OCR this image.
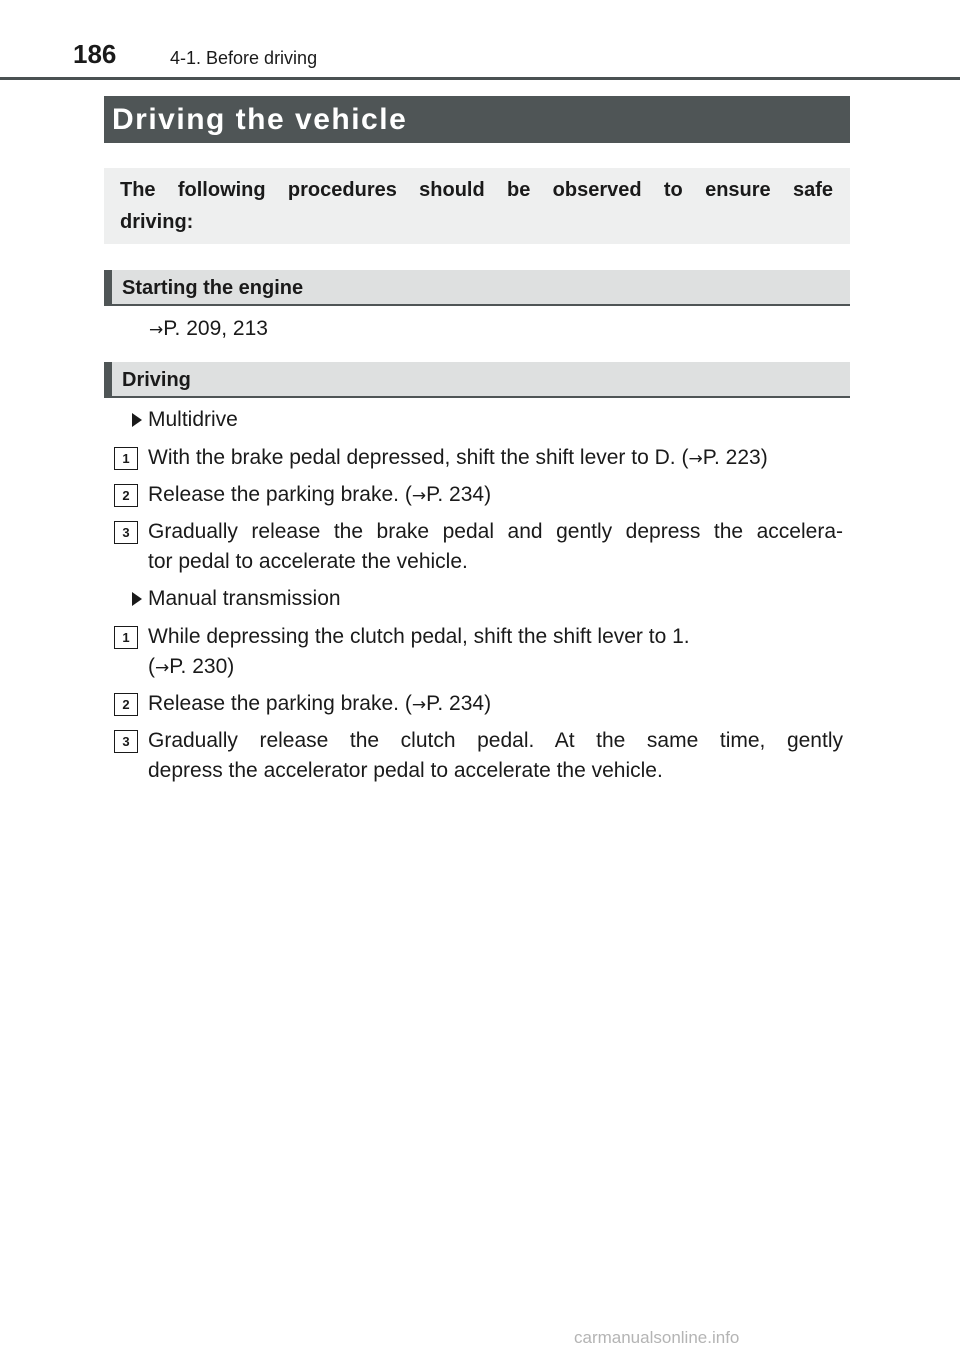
186	4-1. Before driving
Driving the vehicle
The following procedures should be observed to ensure safe
driving:
Starting the engine
→P. 209, 213
Driving
Multidrive
1 With the brake pedal depressed, shift the shift lever to D. (→P. 223)
2 Release the parking brake. (→P. 234)
3 Gradually release the brake pedal and gently depress the accelera-
tor pedal to accelerate the vehicle.
Manual transmission
1 While depressing the clutch pedal, shift the shift lever to 1.
(→P. 230)
2 Release the parking brake. (→P. 234)
3 Gradually release the clutch pedal. At the same time, gently
depress the accelerator pedal to accelerate the vehicle.
carmanualsonline.info
